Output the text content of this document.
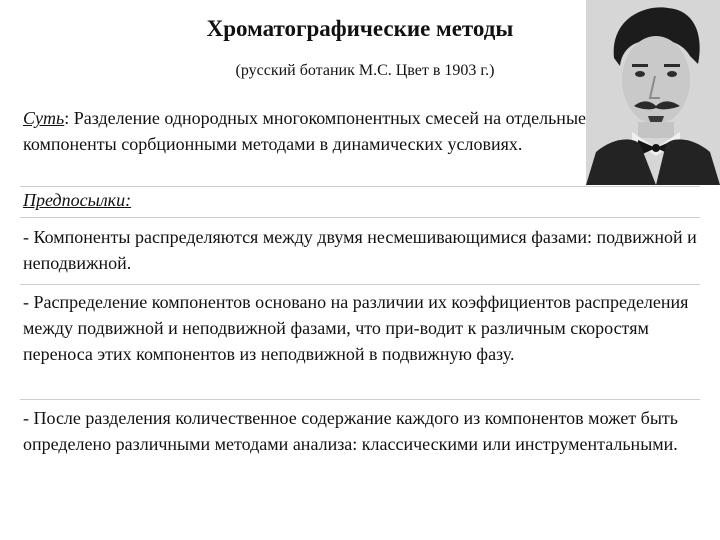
Хроматографические методы
(русский ботаник М.С. Цвет в 1903 г.)
Суть: Разделение однородных многокомпонентных смесей на отдельные компоненты сорбционными методами в динамических условиях.
Предпосылки:
- Компоненты распределяются между двумя несмешивающимися фазами: подвижной и неподвижной.
- Распределение компонентов основано на различии их коэффициентов распределения между подвижной и неподвижной фазами, что при-водит к различным скоростям переноса этих компонентов из неподвижной в подвижную фазу.
- После разделения количественное содержание каждого из компонентов может быть определено различными методами анализа: классическими или инструментальными.
